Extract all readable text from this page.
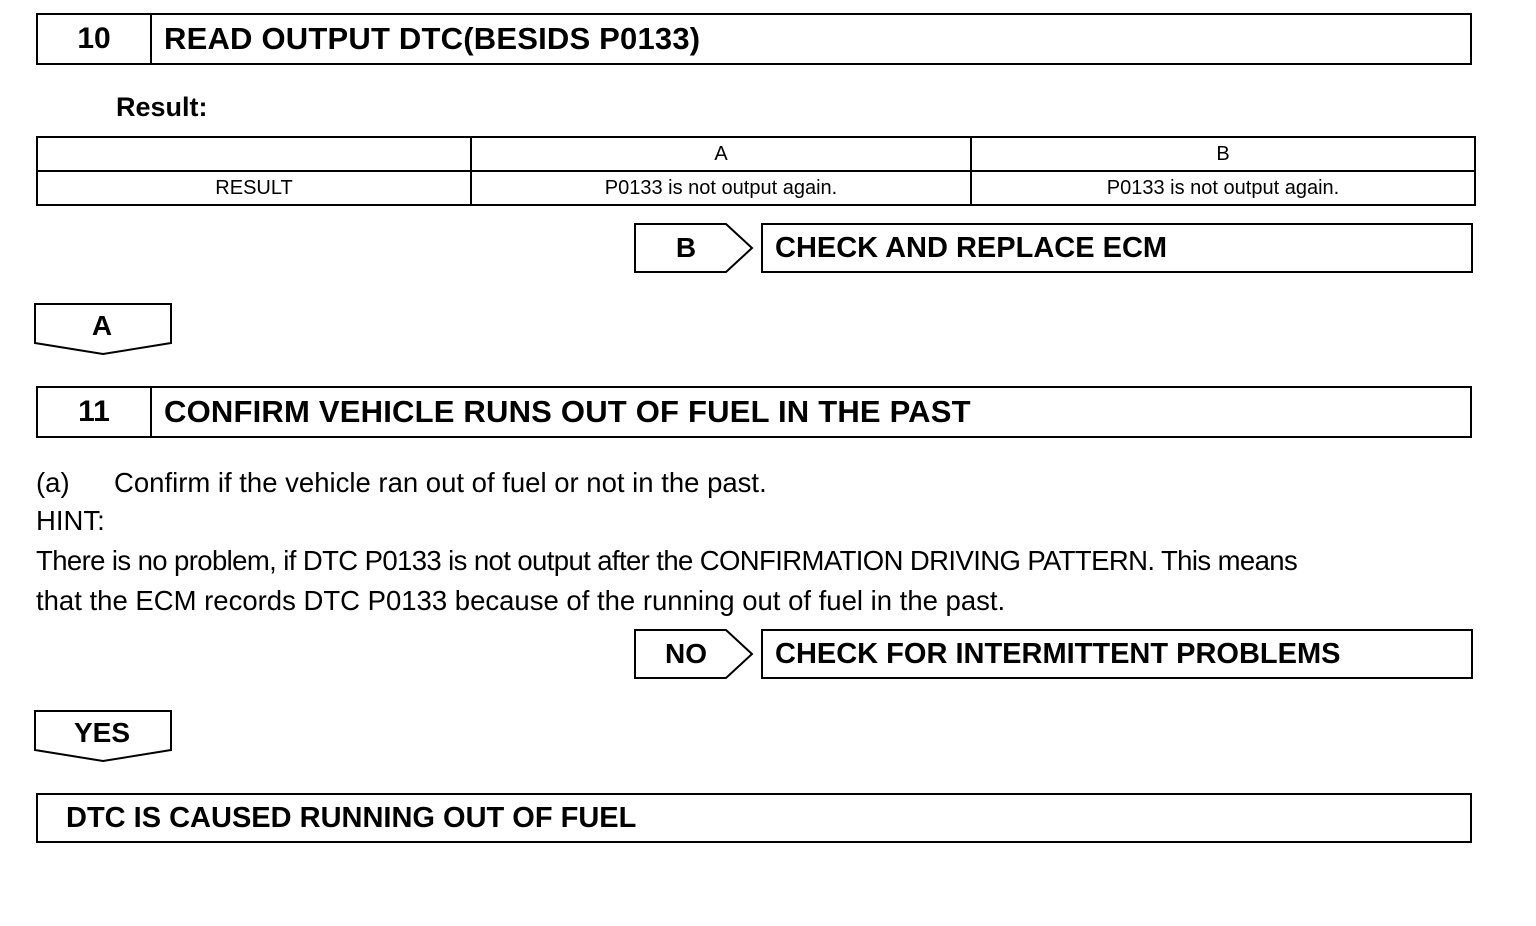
10	READ OUTPUT DTC(BESIDS P0133)
Result:
	A	B
RESULT	P0133 is not output again.	P0133 is not output again.
B	CHECK AND REPLACE ECM
A
11	CONFIRM VEHICLE RUNS OUT OF FUEL IN THE PAST
(a) Confirm if the vehicle ran out of fuel or not in the past.
HINT:
There is no problem, if DTC P0133 is not output after the CONFIRMATION DRIVING PATTERN. This means
that the ECM records DTC P0133 because of the running out of fuel in the past.
NO	CHECK FOR INTERMITTENT PROBLEMS
YES
DTC IS CAUSED RUNNING OUT OF FUEL
